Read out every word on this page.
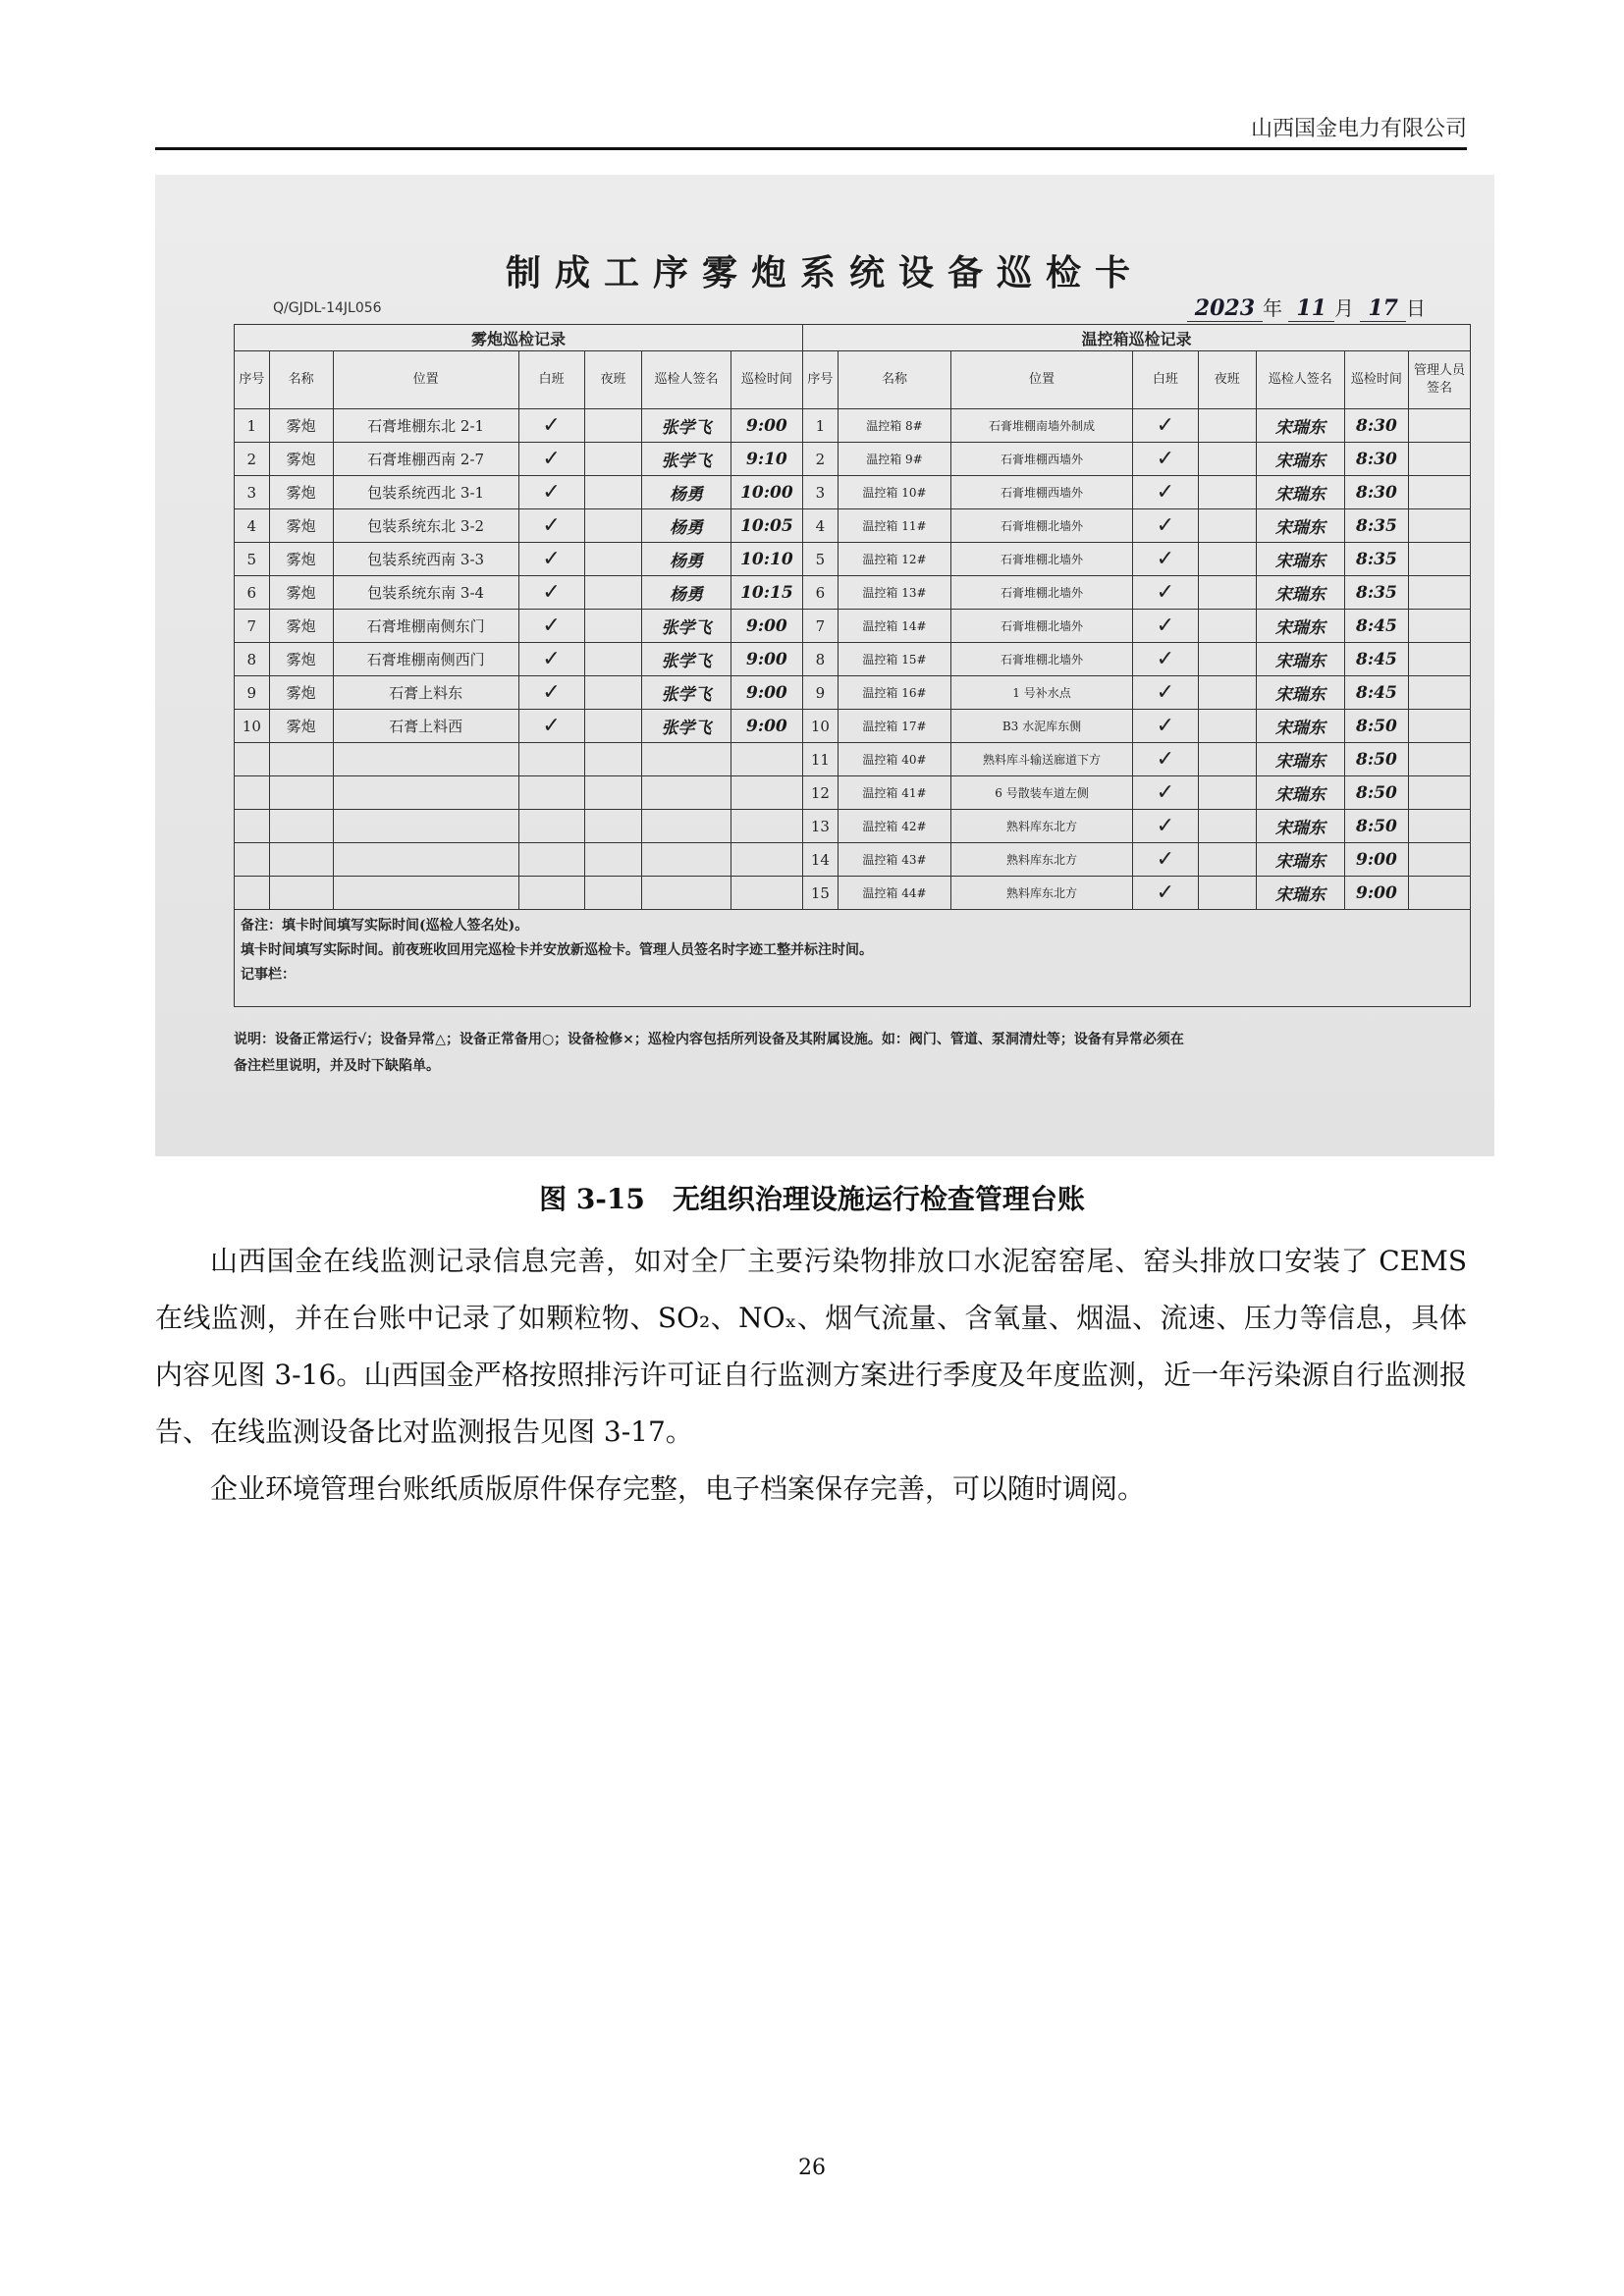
山西国金电力有限公司
制成工序雾炮系统设备巡检卡
Q/GJDL-14JL056	2023 年 11 月 17 日
雾炮巡检记录							温控箱巡检记录							
序号	名称	位置	白班	夜班	巡检人签名	巡检时间	序号	名称	位置	白班	夜班	巡检人签名	巡检时间	管理人员签名
1	雾炮	石膏堆棚东北 2-1	✓		张学飞	9:00	1	温控箱 8#	石膏堆棚南墙外制成	✓		宋瑞东	8:30	
2	雾炮	石膏堆棚西南 2-7	✓		张学飞	9:10	2	温控箱 9#	石膏堆棚西墙外	✓		宋瑞东	8:30	
3	雾炮	包装系统西北 3-1	✓		杨勇	10:00	3	温控箱 10#	石膏堆棚西墙外	✓		宋瑞东	8:30	
4	雾炮	包装系统东北 3-2	✓		杨勇	10:05	4	温控箱 11#	石膏堆棚北墙外	✓		宋瑞东	8:35	
5	雾炮	包装系统西南 3-3	✓		杨勇	10:10	5	温控箱 12#	石膏堆棚北墙外	✓		宋瑞东	8:35	
6	雾炮	包装系统东南 3-4	✓		杨勇	10:15	6	温控箱 13#	石膏堆棚北墙外	✓		宋瑞东	8:35	
7	雾炮	石膏堆棚南侧东门	✓		张学飞	9:00	7	温控箱 14#	石膏堆棚北墙外	✓		宋瑞东	8:45	
8	雾炮	石膏堆棚南侧西门	✓		张学飞	9:00	8	温控箱 15#	石膏堆棚北墙外	✓		宋瑞东	8:45	
9	雾炮	石膏上料东	✓		张学飞	9:00	9	温控箱 16#	1 号补水点	✓		宋瑞东	8:45	
10	雾炮	石膏上料西	✓		张学飞	9:00	10	温控箱 17#	B3 水泥库东侧	✓		宋瑞东	8:50	
							11	温控箱 40#	熟料库斗输送廊道下方	✓		宋瑞东	8:50	
							12	温控箱 41#	6 号散装车道左侧	✓		宋瑞东	8:50	
							13	温控箱 42#	熟料库东北方	✓		宋瑞东	8:50	
							14	温控箱 43#	熟料库东北方	✓		宋瑞东	9:00	
							15	温控箱 44#	熟料库东北方	✓		宋瑞东	9:00	

备注：填卡时间填写实际时间(巡检人签名处)。
填卡时间填写实际时间。前夜班收回用完巡检卡并安放新巡检卡。管理人员签名时字迹工整并标注时间。
记事栏：														
说明：设备正常运行√；设备异常△；设备正常备用○；设备检修×；巡检内容包括所列设备及其附属设施。如：阀门、管道、泵洞清灶等；设备有异常必须在
备注栏里说明，并及时下缺陷单。
图 3-15　无组织治理设施运行检查管理台账

山西国金在线监测记录信息完善，如对全厂主要污染物排放口水泥窑窑尾、窑头排放口安装了 CEMS 在线监测，并在台账中记录了如颗粒物、SO₂、NOₓ、烟气流量、含氧量、烟温、流速、压力等信息，具体内容见图 3-16。山西国金严格按照排污许可证自行监测方案进行季度及年度监测，近一年污染源自行监测报告、在线监测设备比对监测报告见图 3-17。

企业环境管理台账纸质版原件保存完整，电子档案保存完善，可以随时调阅。

26
